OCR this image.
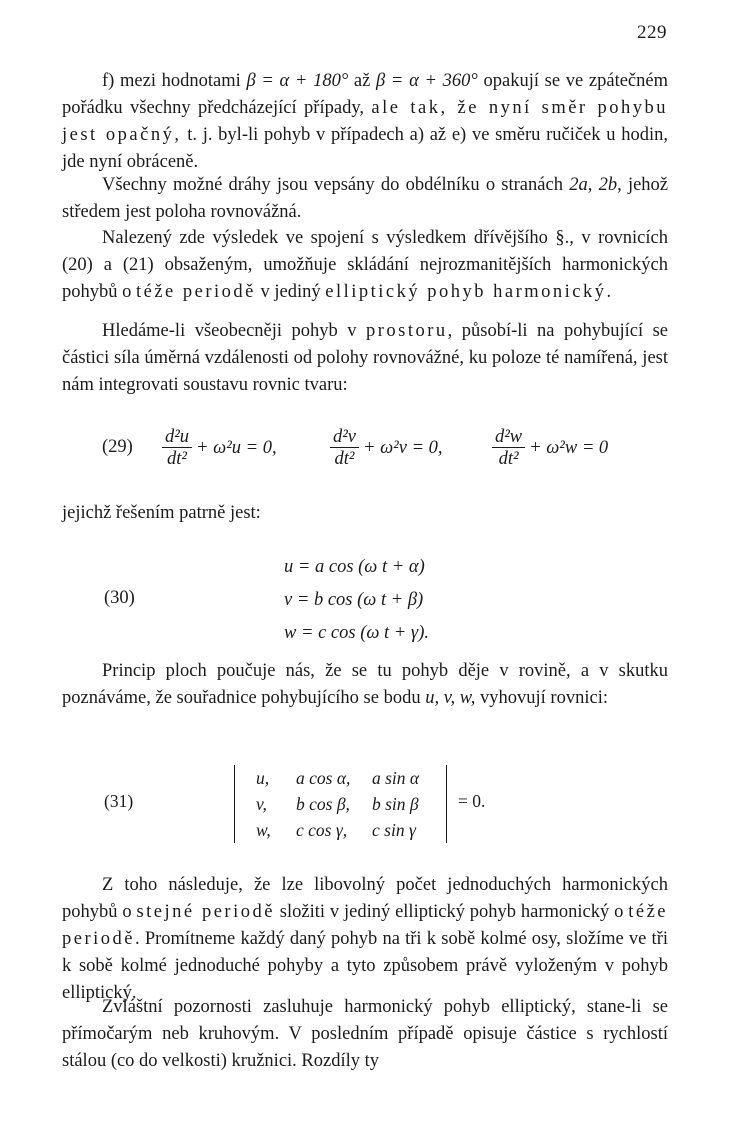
229

f) mezi hodnotami β = α + 180° až β = α + 360° opakují se ve zpátečném pořádku všechny předcházející případy, ale tak, že nyní směr pohybu jest opačný, t. j. byl-li pohyb v případech a) až e) ve směru ručiček u hodin, jde nyní obráceně.

Všechny možné dráhy jsou vepsány do obdélníku o stranách 2a, 2b, jehož středem jest poloha rovnovážná.

Nalezený zde výsledek ve spojení s výsledkem dřívějšího §., v rovnicích (20) a (21) obsaženým, umožňuje skládání nejrozmanitějších harmonických pohybů o téže periodě v jediný elliptický pohyb harmonický.

Hledáme-li všeobecněji pohyb v prostoru, působí-li na pohybující se částici síla úměrná vzdálenosti od polohy rovnovážné, ku poloze té namířená, jest nám integrovati soustavu rovnic tvaru:

$(29) \frac{\text{d²u}}{\text{dt²}} + \omega^2u = 0$,	$\frac{\text{d²v}}{\text{dt²}} + \omega^2v = 0$,	$\frac{\text{d²w}}{\text{dt²}} + \omega^2w = 0$

jejichž řešením patrně jest:

(30)
u = a cos (ω t + α)
v = b cos (ω t + β)
w = c cos (ω t + γ).

Princip ploch poučuje nás, že se tu pohyb děje v rovině, a v skutku poznáváme, že souřadnice pohybujícího se bodu u, v, w, vyhovují rovnici:

(31)
u, a cos α, a sin α
v, b cos β, b sin β
w, c cos γ, c sin γ
= 0.

Z toho následuje, že lze libovolný počet jednoduchých harmonických pohybů o stejné periodě složiti v jediný elliptický pohyb harmonický o téže periodě. Promítneme každý daný pohyb na tři k sobě kolmé osy, složíme ve tři k sobě kolmé jednoduché pohyby a tyto způsobem právě vyloženým v pohyb elliptický.

Zvláštní pozornosti zasluhuje harmonický pohyb elliptický, stane-li se přímočarým neb kruhovým. V posledním případě opisuje částice s rychlostí stálou (co do velkosti) kružnici. Rozdíly ty
